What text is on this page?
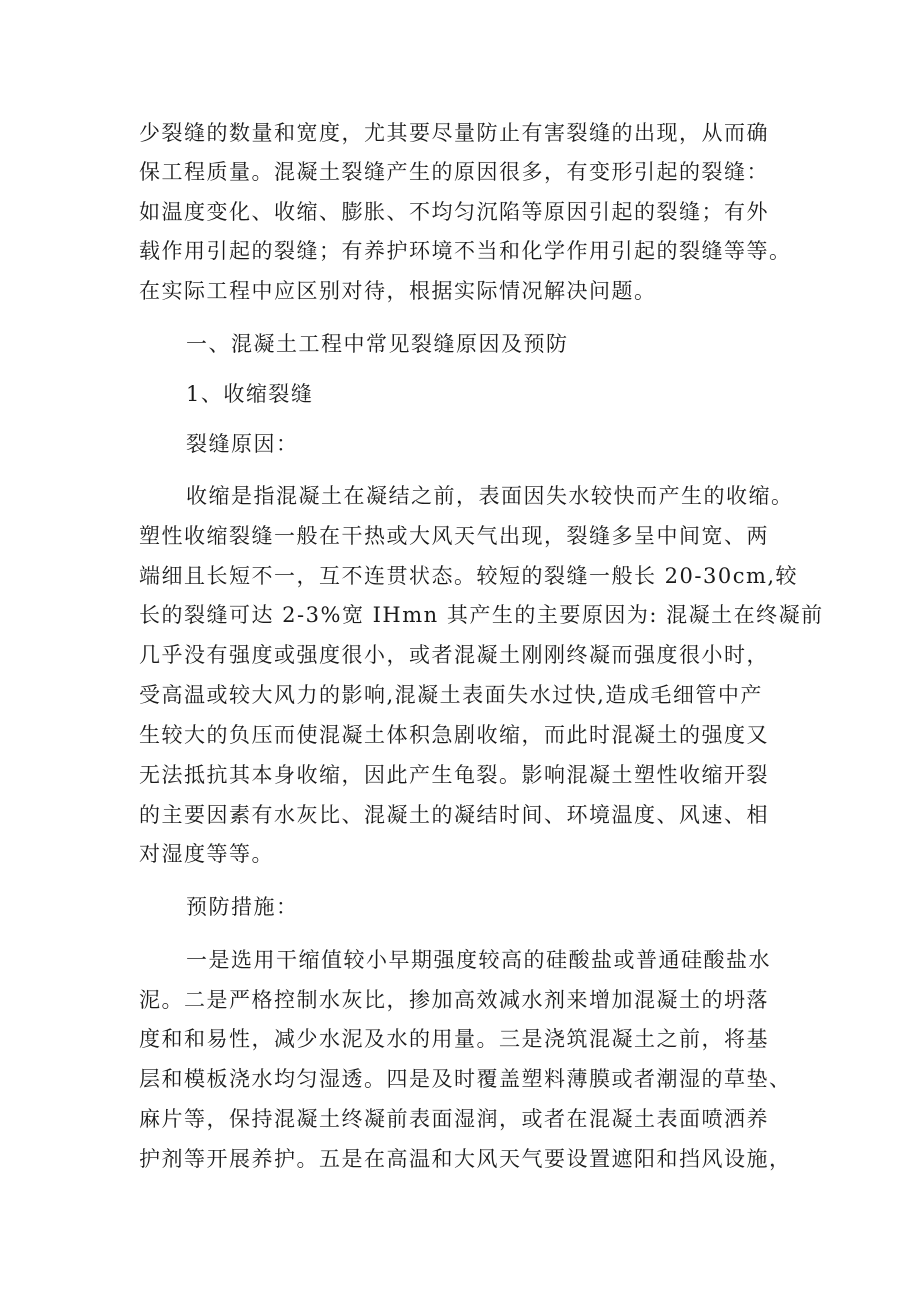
少裂缝的数量和宽度，尤其要尽量防止有害裂缝的出现，从而确
保工程质量。混凝土裂缝产生的原因很多，有变形引起的裂缝：
如温度变化、收缩、膨胀、不均匀沉陷等原因引起的裂缝；有外
载作用引起的裂缝；有养护环境不当和化学作用引起的裂缝等等。
在实际工程中应区别对待，根据实际情况解决问题。
一、混凝土工程中常见裂缝原因及预防
1、收缩裂缝
裂缝原因：
收缩是指混凝土在凝结之前，表面因失水较快而产生的收缩。
塑性收缩裂缝一般在干热或大风天气出现，裂缝多呈中间宽、两
端细且长短不一，互不连贯状态。较短的裂缝一般长 20-30cm,较
长的裂缝可达 2-3%宽 IHmn 其产生的主要原因为: 混凝土在终凝前
几乎没有强度或强度很小，或者混凝土刚刚终凝而强度很小时，
受高温或较大风力的影响,混凝土表面失水过快,造成毛细管中产
生较大的负压而使混凝土体积急剧收缩，而此时混凝土的强度又
无法抵抗其本身收缩，因此产生龟裂。影响混凝土塑性收缩开裂
的主要因素有水灰比、混凝土的凝结时间、环境温度、风速、相
对湿度等等。
预防措施：
一是选用干缩值较小早期强度较高的硅酸盐或普通硅酸盐水
泥。二是严格控制水灰比，掺加高效减水剂来增加混凝土的坍落
度和和易性，减少水泥及水的用量。三是浇筑混凝土之前，将基
层和模板浇水均匀湿透。四是及时覆盖塑料薄膜或者潮湿的草垫、
麻片等，保持混凝土终凝前表面湿润，或者在混凝土表面喷洒养
护剂等开展养护。五是在高温和大风天气要设置遮阳和挡风设施，
